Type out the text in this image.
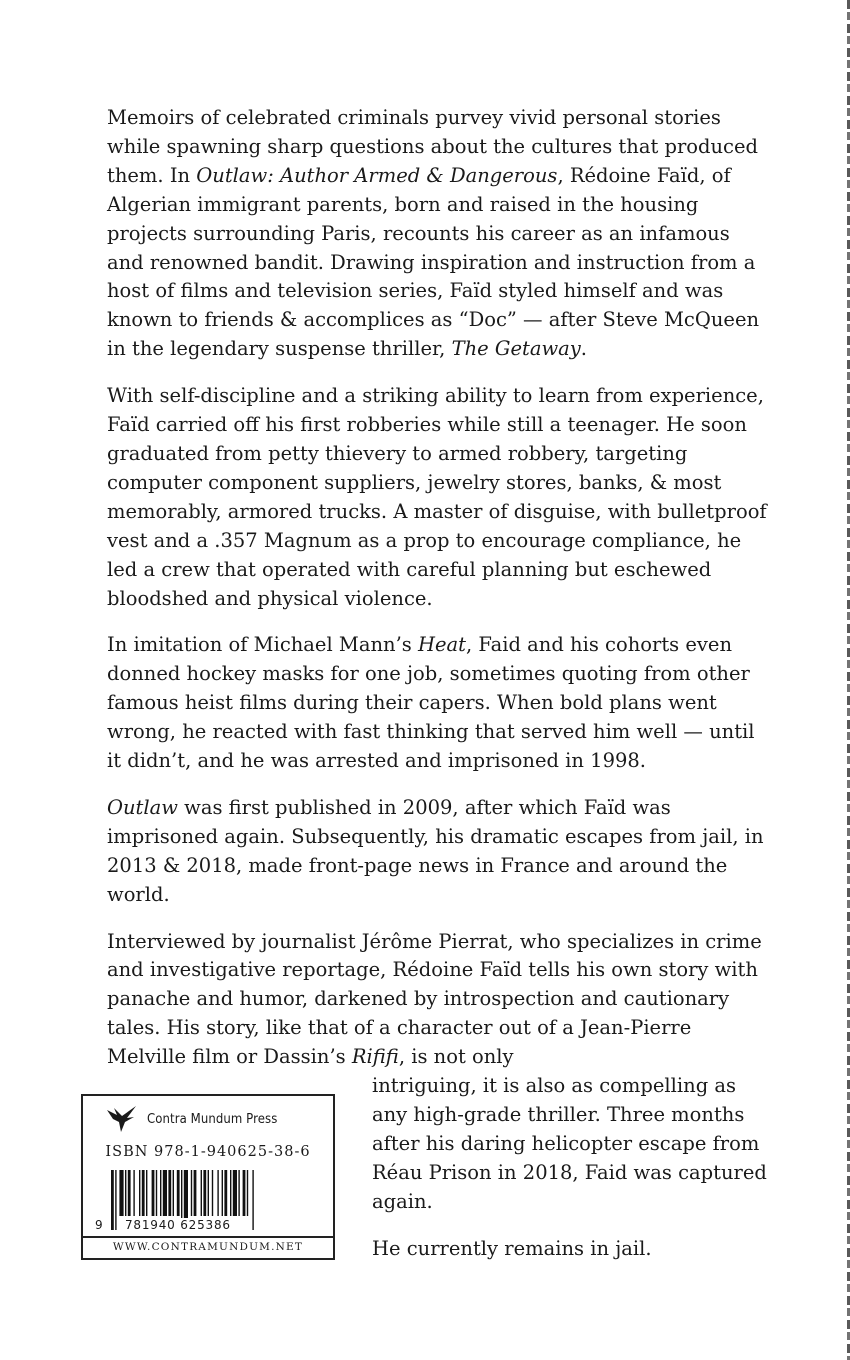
Contra Mundum Press
ISBN 978-1-940625-38-6
9 781940 625386
WWW.CONTRAMUNDUM.NET

Memoirs of celebrated criminals purvey vivid personal stories while spawning sharp questions about the cultures that produced them. In Outlaw: Author Armed & Dangerous, Rédoine Faïd, of Algerian immigrant parents, born and raised in the housing projects surrounding Paris, recounts his career as an infamous and renowned bandit. Drawing inspiration and instruction from a host of films and television series, Faïd styled himself and was known to friends & accomplices as “Doc” — after Steve McQueen in the legendary suspense thriller, The Getaway.

With self-discipline and a striking ability to learn from experience, Faïd carried off his first robberies while still a teenager. He soon graduated from petty thievery to armed robbery, targeting computer component suppliers, jewelry stores, banks, & most memorably, armored trucks. A master of disguise, with bulletproof vest and a .357 Magnum as a prop to encourage compliance, he led a crew that operated with careful planning but eschewed bloodshed and physical violence.

In imitation of Michael Mann’s Heat, Faid and his cohorts even donned hockey masks for one job, sometimes quoting from other famous heist films during their capers. When bold plans went wrong, he reacted with fast thinking that served him well — until it didn’t, and he was arrested and imprisoned in 1998.

Outlaw was first published in 2009, after which Faïd was imprisoned again. Subsequently, his dramatic escapes from jail, in 2013 & 2018, made front-page news in France and around the world.

Interviewed by journalist Jérôme Pierrat, who specializes in crime and investigative reportage, Rédoine Faïd tells his own story with panache and humor, darkened by introspection and cautionary tales. His story, like that of a character out of a Jean-Pierre Melville film or Dassin’s Rififi, is not only

intriguing, it is also as compelling as any high-grade thriller. Three months after his daring helicopter escape from Réau Prison in 2018, Faid was captured again.

He currently remains in jail.
